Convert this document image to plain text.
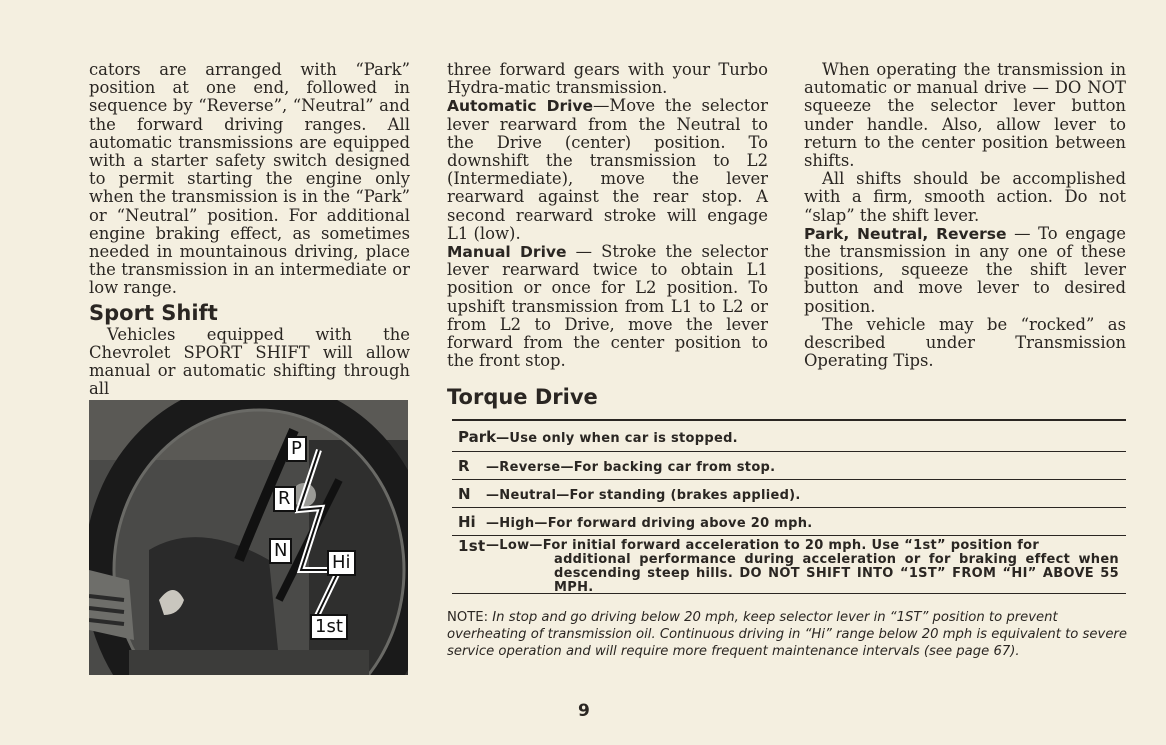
cators are arranged with “Park” position at one end, followed in sequence by “Reverse”, “Neutral” and the forward driving ranges. All automatic transmissions are equipped with a starter safety switch designed to permit starting the engine only when the transmission is in the “Park” or “Neutral” position. For additional engine braking effect, as sometimes needed in mountainous driving, place the transmission in an intermediate or low range.

Sport Shift

Vehicles equipped with the Chevrolet SPORT SHIFT will allow manual or automatic shifting through all

three forward gears with your Turbo Hydra-matic transmission.

Automatic Drive—Move the selector lever rearward from the Neutral to the Drive (center) position. To downshift the transmission to L2 (Intermediate), move the lever rearward against the rear stop. A second rearward stroke will engage L1 (low).

Manual Drive — Stroke the selector lever rearward twice to obtain L1 position or once for L2 position. To upshift transmission from L1 to L2 or from L2 to Drive, move the lever forward from the center position to the front stop.

When operating the transmission in automatic or manual drive — DO NOT squeeze the selector lever button under handle. Also, allow lever to return to the center position between shifts.

All shifts should be accomplished with a firm, smooth action. Do not “slap” the shift lever.

Park, Neutral, Reverse — To engage the transmission in any one of these positions, squeeze the shift lever button and move lever to desired position.

The vehicle may be “rocked” as described under Transmission Operating Tips.

P
R
N
Hi
1st

Torque Drive

Park—Use only when car is stopped.
R —Reverse—For backing car from stop.
N —Neutral—For standing (brakes applied).
Hi —High—For forward driving above 20 mph.
1st—Low—For initial forward acceleration to 20 mph. Use “1st” position for
additional performance during acceleration or for braking effect when descending steep hills. DO NOT SHIFT INTO “1ST” FROM “HI” ABOVE 55 MPH.
NOTE: In stop and go driving below 20 mph, keep selector lever in “1ST” position to prevent overheating of transmission oil. Continuous driving in “Hi” range below 20 mph is equivalent to severe service operation and will require more frequent maintenance intervals (see page 67).
9
